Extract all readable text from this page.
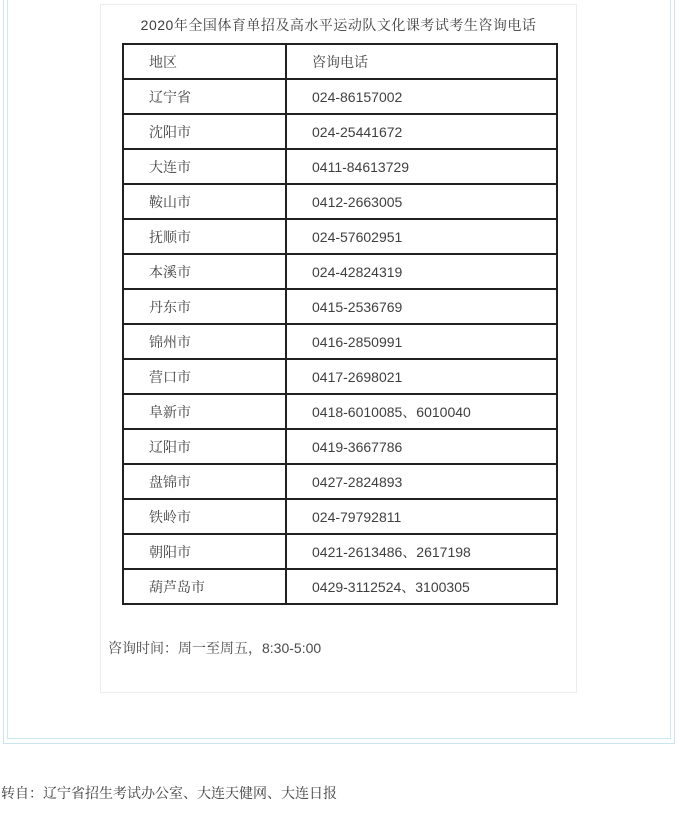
2020年全国体育单招及高水平运动队文化课考试考生咨询电话
地区	咨询电话
辽宁省	024-86157002
沈阳市	024-25441672
大连市	0411-84613729
鞍山市	0412-2663005
抚顺市	024-57602951
本溪市	024-42824319
丹东市	0415-2536769
锦州市	0416-2850991
营口市	0417-2698021
阜新市	0418-6010085、6010040
辽阳市	0419-3667786
盘锦市	0427-2824893
铁岭市	024-79792811
朝阳市	0421-2613486、2617198
葫芦岛市	0429-3112524、3100305
咨询时间：周一至周五，8:30-5:00
转自：辽宁省招生考试办公室、大连天健网、大连日报
